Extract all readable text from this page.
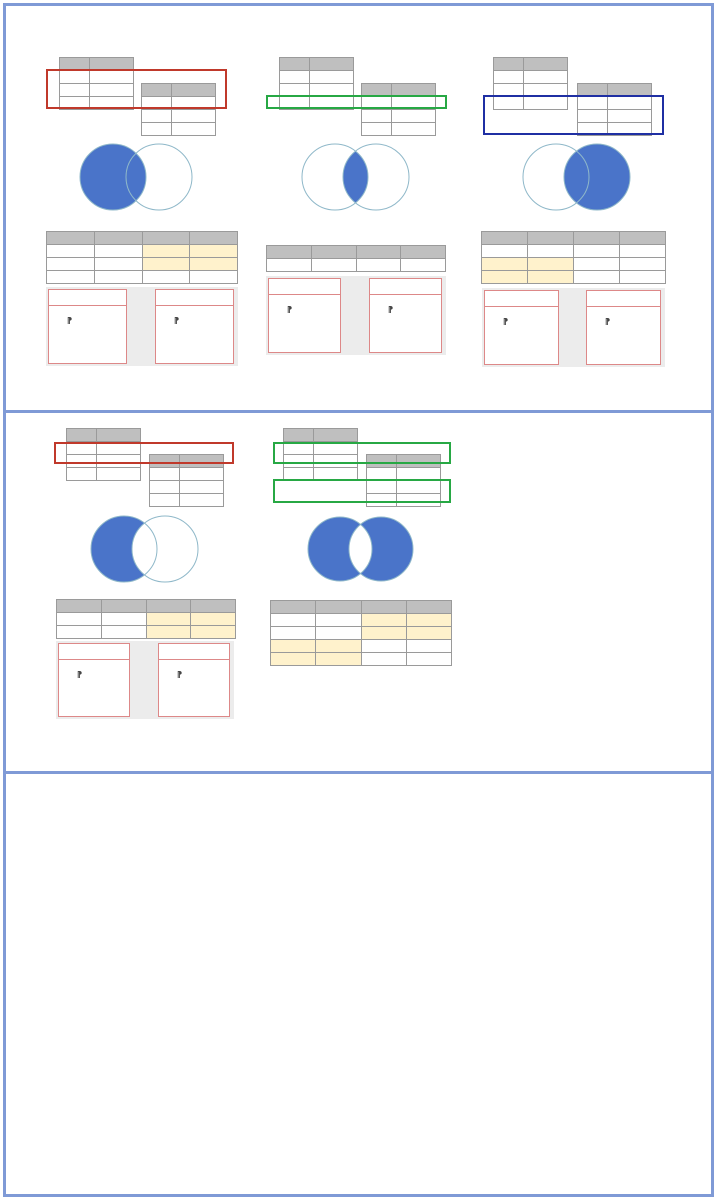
⁋	⁋

⁋	⁋

⁋	⁋

⁋	⁋
